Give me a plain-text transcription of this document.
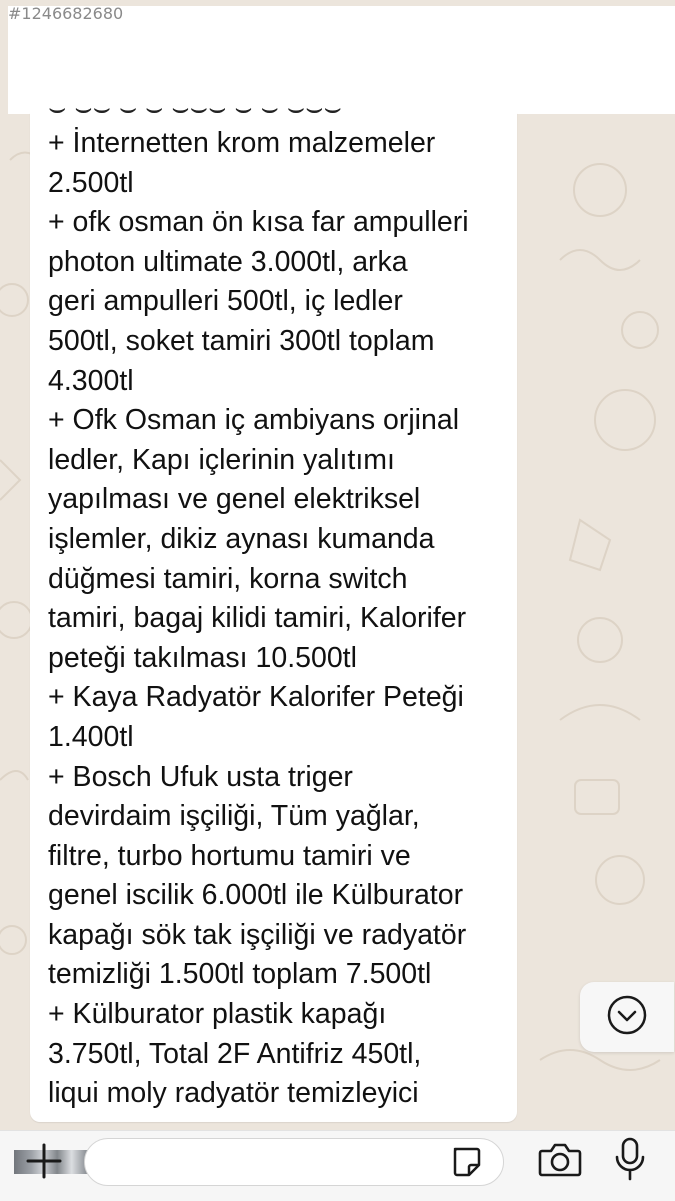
#1246682680
⌣ ⌣⌣ ⌣ ⌣ ⌣⌣⌣ ⌣ ⌣ ⌣⌣⌣
+ İnternetten krom malzemeler
2.500tl
+ ofk osman ön kısa far ampulleri
photon ultimate 3.000tl, arka
geri ampulleri 500tl, iç ledler
500tl, soket tamiri 300tl toplam
4.300tl
+ Ofk Osman iç ambiyans orjinal
ledler, Kapı içlerinin yalıtımı
yapılması ve genel elektriksel
işlemler, dikiz aynası kumanda
düğmesi tamiri, korna switch
tamiri, bagaj kilidi tamiri, Kalorifer
peteği takılması 10.500tl
+ Kaya Radyatör Kalorifer Peteği
1.400tl
+ Bosch Ufuk usta triger
devirdaim işçiliği, Tüm yağlar,
filtre, turbo hortumu tamiri ve
genel iscilik 6.000tl ile Külburator
kapağı sök tak işçiliği ve radyatör
temizliği 1.500tl toplam 7.500tl
+ Külburator plastik kapağı
3.750tl, Total 2F Antifriz 450tl,
liqui moly radyatör temizleyici
